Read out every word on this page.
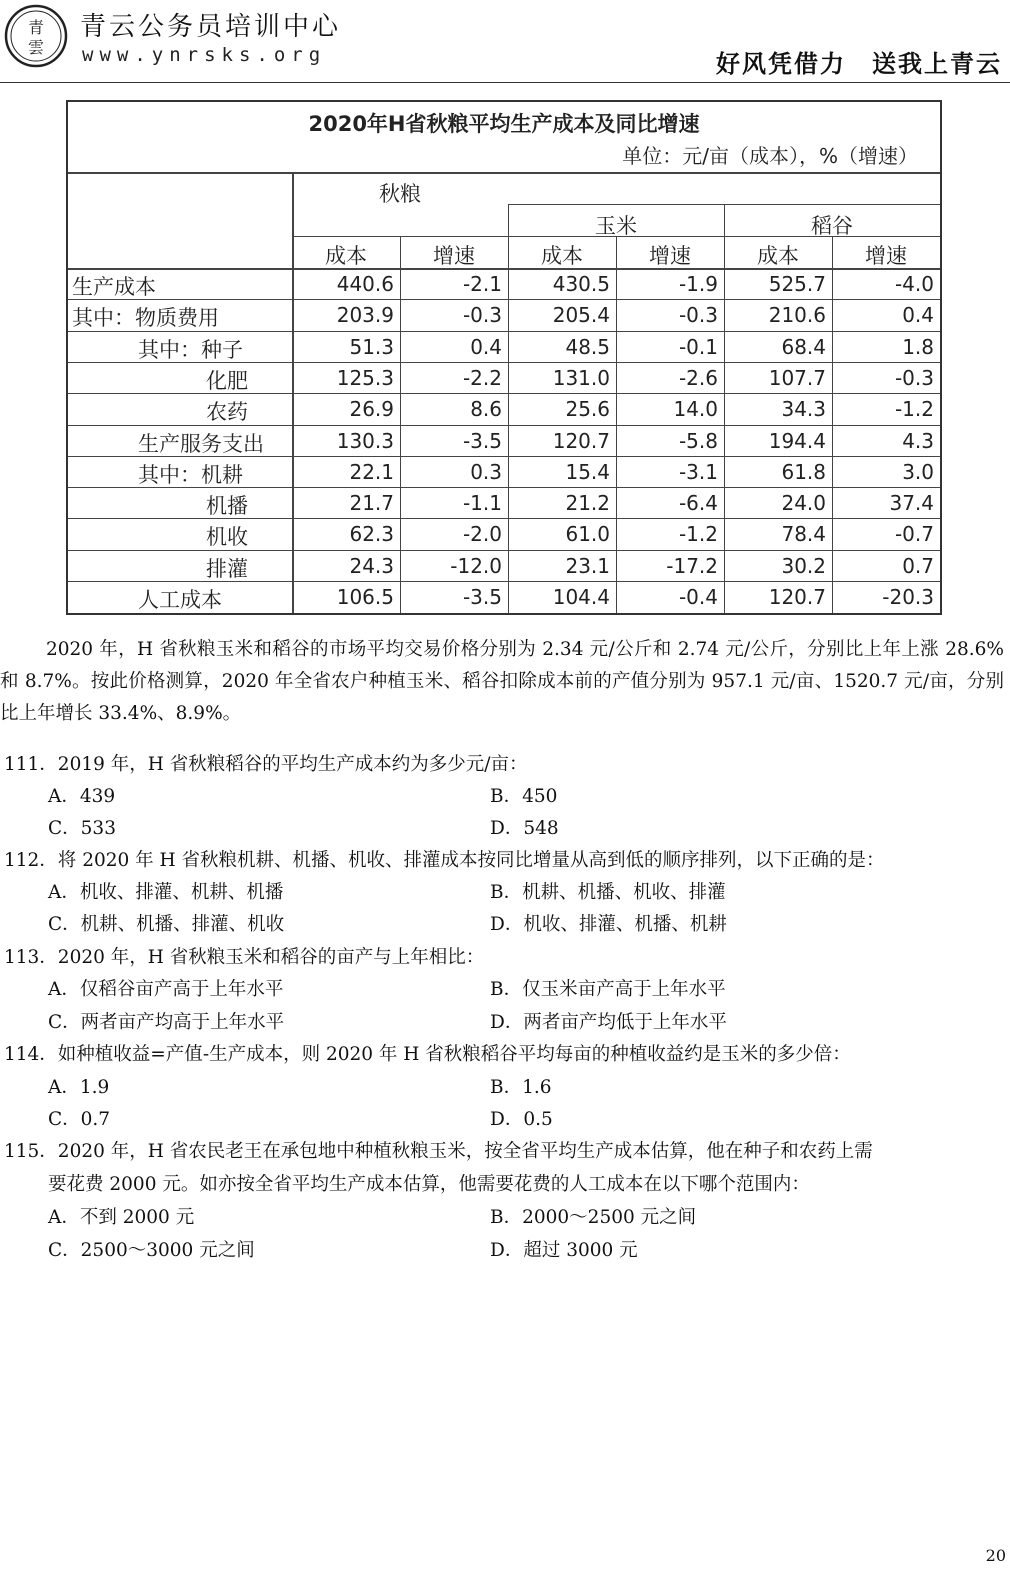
青
雲
青云公务员培训中心
www.ynrsks.org	好风凭借力　送我上青云
2020年H省秋粮平均生产成本及同比增速
单位：元/亩（成本），%（增速）
秋粮
玉米	稻谷
成本	增速	成本	增速	成本	增速
生产成本	440.6	-2.1	430.5	-1.9	525.7	-4.0
其中：物质费用	203.9	-0.3	205.4	-0.3	210.6	0.4
其中：种子	51.3	0.4	48.5	-0.1	68.4	1.8
化肥	125.3	-2.2	131.0	-2.6	107.7	-0.3
农药	26.9	8.6	25.6	14.0	34.3	-1.2
生产服务支出	130.3	-3.5	120.7	-5.8	194.4	4.3
其中：机耕	22.1	0.3	15.4	-3.1	61.8	3.0
机播	21.7	-1.1	21.2	-6.4	24.0	37.4
机收	62.3	-2.0	61.0	-1.2	78.4	-0.7
排灌	24.3	-12.0	23.1	-17.2	30.2	0.7
人工成本	106.5	-3.5	104.4	-0.4	120.7	-20.3

2020 年，H 省秋粮玉米和稻谷的市场平均交易价格分别为 2.34 元/公斤和 2.74 元/公斤，分别比上年上涨 28.6%和 8.7%。按此价格测算，2020 年全省农户种植玉米、稻谷扣除成本前的产值分别为 957.1 元/亩、1520.7 元/亩，分别比上年增长 33.4%、8.9%。

111．2019 年，H 省秋粮稻谷的平均生产成本约为多少元/亩：
A．439	B．450
C．533	D．548
112．将 2020 年 H 省秋粮机耕、机播、机收、排灌成本按同比增量从高到低的顺序排列，以下正确的是：
A．机收、排灌、机耕、机播	B．机耕、机播、机收、排灌
C．机耕、机播、排灌、机收	D．机收、排灌、机播、机耕
113．2020 年，H 省秋粮玉米和稻谷的亩产与上年相比：
A．仅稻谷亩产高于上年水平	B．仅玉米亩产高于上年水平
C．两者亩产均高于上年水平	D．两者亩产均低于上年水平
114．如种植收益=产值-生产成本，则 2020 年 H 省秋粮稻谷平均每亩的种植收益约是玉米的多少倍：
A．1.9	B．1.6
C．0.7	D．0.5
115．2020 年，H 省农民老王在承包地中种植秋粮玉米，按全省平均生产成本估算，他在种子和农药上需
要花费 2000 元。如亦按全省平均生产成本估算，他需要花费的人工成本在以下哪个范围内：
A．不到 2000 元	B．2000～2500 元之间
C．2500～3000 元之间	D．超过 3000 元
20
